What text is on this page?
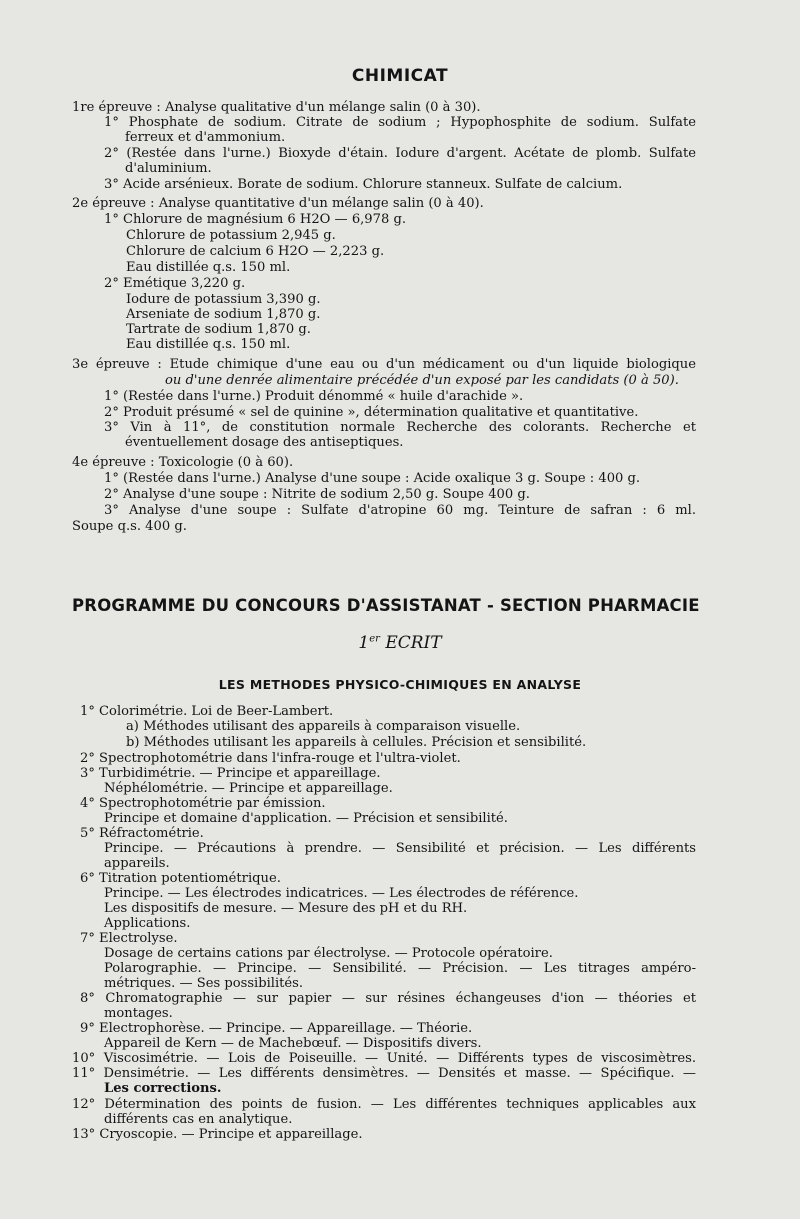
CHIMICAT

1re épreuve : Analyse qualitative d'un mélange salin (0 à 30).

1° Phosphate de sodium. Citrate de sodium ; Hypophosphite de sodium. Sulfate

ferreux et d'ammonium.

2° (Restée dans l'urne.) Bioxyde d'étain. Iodure d'argent. Acétate de plomb. Sulfate

d'aluminium.

3° Acide arsénieux. Borate de sodium. Chlorure stanneux. Sulfate de calcium.

2e épreuve : Analyse quantitative d'un mélange salin (0 à 40).

1° Chlorure de magnésium 6 H2O — 6,978 g.

Chlorure de potassium 2,945 g.

Chlorure de calcium 6 H2O — 2,223 g.

Eau distillée q.s. 150 ml.

2° Emétique 3,220 g.

Iodure de potassium 3,390 g.

Arseniate de sodium 1,870 g.

Tartrate de sodium 1,870 g.

Eau distillée q.s. 150 ml.

3e épreuve : Etude chimique d'une eau ou d'un médicament ou d'un liquide biologique

ou d'une denrée alimentaire précédée d'un exposé par les candidats (0 à 50).

1° (Restée dans l'urne.) Produit dénommé « huile d'arachide ».

2° Produit présumé « sel de quinine », détermination qualitative et quantitative.

3° Vin à 11°, de constitution normale Recherche des colorants. Recherche et

éventuellement dosage des antiseptiques.

4e épreuve : Toxicologie (0 à 60).

1° (Restée dans l'urne.) Analyse d'une soupe : Acide oxalique 3 g. Soupe : 400 g.

2° Analyse d'une soupe : Nitrite de sodium 2,50 g. Soupe 400 g.

3° Analyse d'une soupe : Sulfate d'atropine 60 mg. Teinture de safran : 6 ml.

Soupe q.s. 400 g.

PROGRAMME DU CONCOURS D'ASSISTANAT - SECTION PHARMACIE
1er ECRIT
LES METHODES PHYSICO-CHIMIQUES EN ANALYSE

1° Colorimétrie. Loi de Beer-Lambert.

a) Méthodes utilisant des appareils à comparaison visuelle.

b) Méthodes utilisant les appareils à cellules. Précision et sensibilité.

2° Spectrophotométrie dans l'infra-rouge et l'ultra-violet.

3° Turbidimétrie. — Principe et appareillage.

Néphélométrie. — Principe et appareillage.

4° Spectrophotométrie par émission.

Principe et domaine d'application. — Précision et sensibilité.

5° Réfractométrie.

Principe. — Précautions à prendre. — Sensibilité et précision. — Les différents

appareils.

6° Titration potentiométrique.

Principe. — Les électrodes indicatrices. — Les électrodes de référence.

Les dispositifs de mesure. — Mesure des pH et du RH.

Applications.

7° Electrolyse.

Dosage de certains cations par électrolyse. — Protocole opératoire.

Polarographie. — Principe. — Sensibilité. — Précision. — Les titrages ampéro-

métriques. — Ses possibilités.

8° Chromatographie — sur papier — sur résines échangeuses d'ion — théories et

montages.

9° Electrophorèse. — Principe. — Appareillage. — Théorie.

Appareil de Kern — de Machebœuf. — Dispositifs divers.

10° Viscosimétrie. — Lois de Poiseuille. — Unité. — Différents types de viscosimètres.

11° Densimétrie. — Les différents densimètres. — Densités et masse. — Spécifique. —

Les corrections.

12° Détermination des points de fusion. — Les différentes techniques applicables aux

différents cas en analytique.

13° Cryoscopie. — Principe et appareillage.
